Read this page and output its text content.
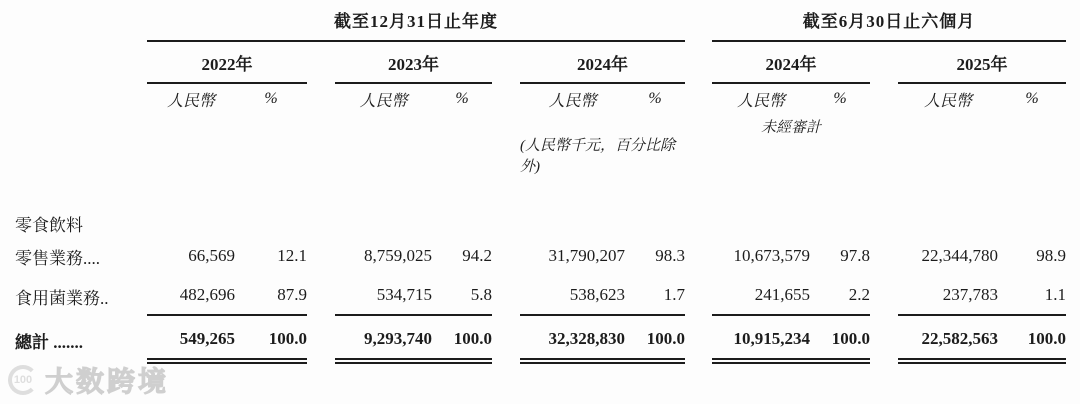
截至12月31日止年度	截至6月30日止六個月
2022年	2023年	2024年	2024年	2025年
人民幣	%	人民幣	%	人民幣	%	人民幣	%	人民幣	%
未經審計
(人民幣千元，百分比除外)
零食飲料
零售業務....	66,569	12.1	8,759,025	94.2	31,790,207	98.3	10,673,579	97.8	22,344,780	98.9
食用菌業務..	482,696	87.9	534,715	5.8	538,623	1.7	241,655	2.2	237,783	1.1
總計 .......	549,265	100.0	9,293,740	100.0	32,328,830	100.0	10,915,234	100.0	22,582,563	100.0
100 大数跨境
